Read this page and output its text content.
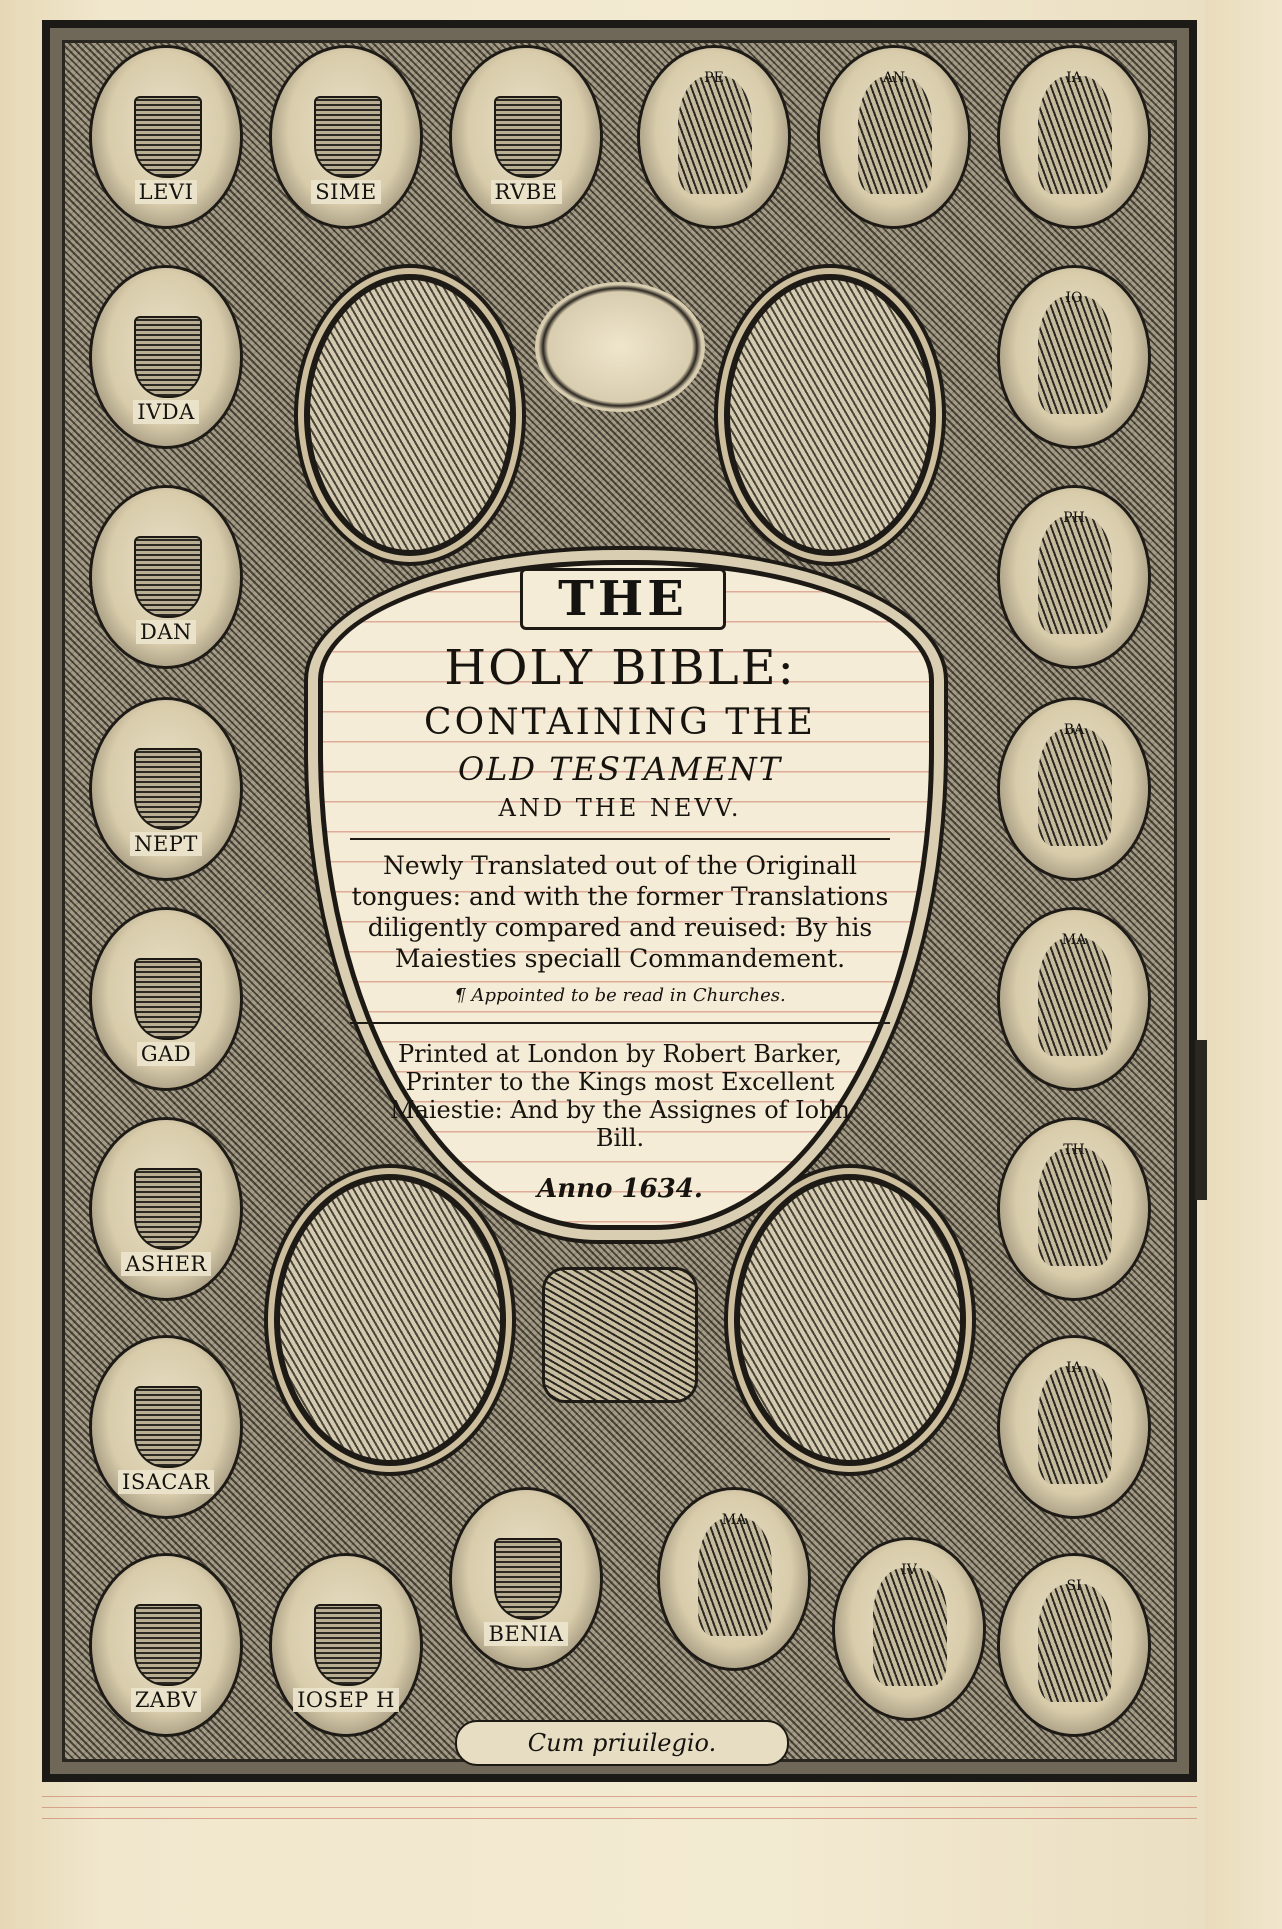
LEVI	SIME	RVBE
PE	AN	IA
IVDA
DAN
NEPT
GAD
ASHER
ISACAR
IO
PH
BA
MA
TH
IA
ZABV	IOSEP H
BENIA
MA
IV
SI
THE
HOLY BIBLE:
CONTAINING THE
OLD TESTAMENT
AND THE NEVV.
Newly Translated out of the Originall tongues: and with the former Translations diligently compared and reuised: By his Maiesties speciall Commandement.
¶ Appointed to be read in Churches.
Printed at London by Robert Barker, Printer to the Kings most Excellent Maiestie: And by the Assignes of Iohn Bill.
Anno 1634.
Cum priuilegio.
